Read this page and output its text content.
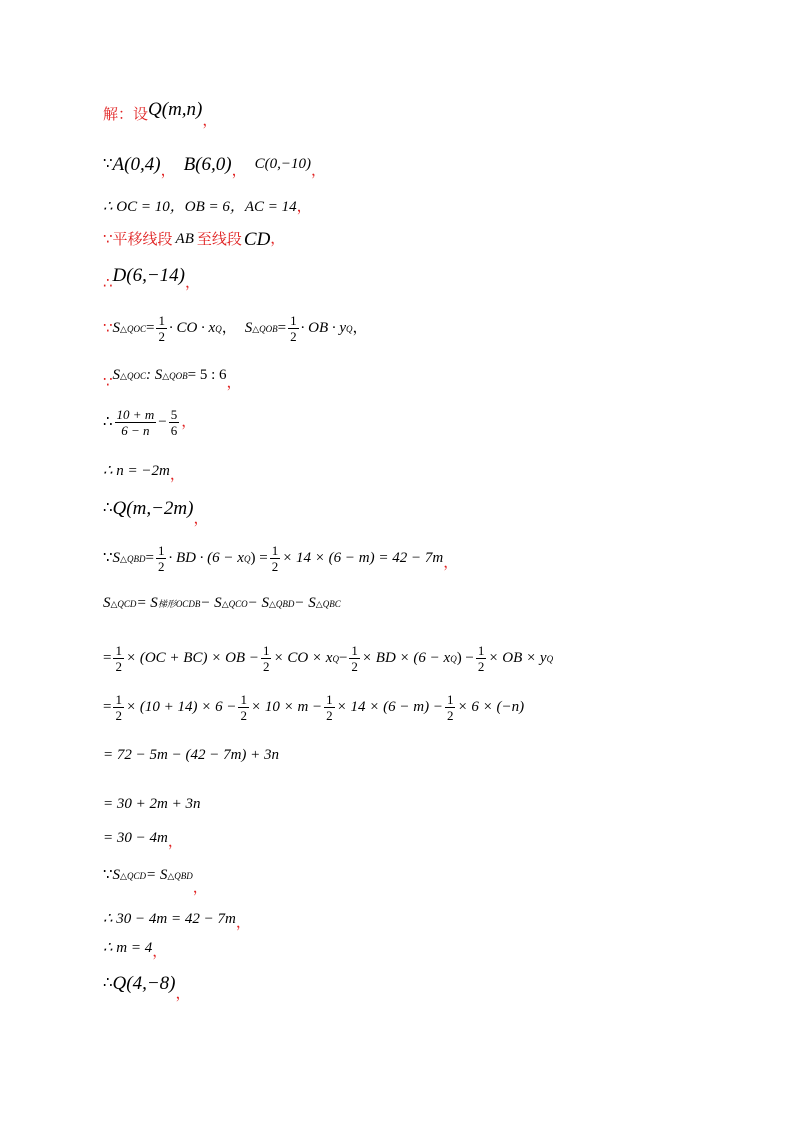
解：设 Q(m,n)
，
∵ A(0,4) ， B(6,0) ， C(0,−10) ，
∴ OC = 10，OB = 6，AC = 14 ，
∵平移线段 AB 至线段 CD ，
∴ D(6,−14) ，
∵ S △QOC = $\frac{1}{2}$ · CO · x Q ， S △QOB = $\frac{1}{2}$ · OB · y Q ，
∵ S △QOC : S △QOB = 5 : 6 ，
∴ $\frac{10 + m}{6 - n} - \frac{5}{6}$ ，
∴ n = −2m ，
∴ Q(m,−2m) ，
∵ S △QBD = $\frac{1}{2}$ · BD · (6 − x Q ) = $\frac{1}{2} \times 14 \times (6 - m) = 42 - 7m$ ，
S △QCD = S 梯形OCDB − S △QCO − S △QBD − S △QBC
= $\frac{1}{2} \times (OC + BC)$ × OB − $\frac{1}{2}$ × CO × x $Q - \frac{1}{2}$ × BD × (6 − x Q ) − $\frac{1}{2}$ × OB × y Q
= $\frac{1}{2} \times (10 + 14) \times 6 - \frac{1}{2} \times 10 \times m - \frac{1}{2} \times 14 \times (6 - m) - \frac{1}{2} \times 6 \times (-n)$
= 72 − 5m − (42 − 7m) + 3n
= 30 + 2m + 3n
= 30 − 4m ，
∵ S △QCD = S △QBD
，
∴ 30 − 4m = 42 − 7m ，
∴ m = 4 ，
∴ Q(4,−8) ，
